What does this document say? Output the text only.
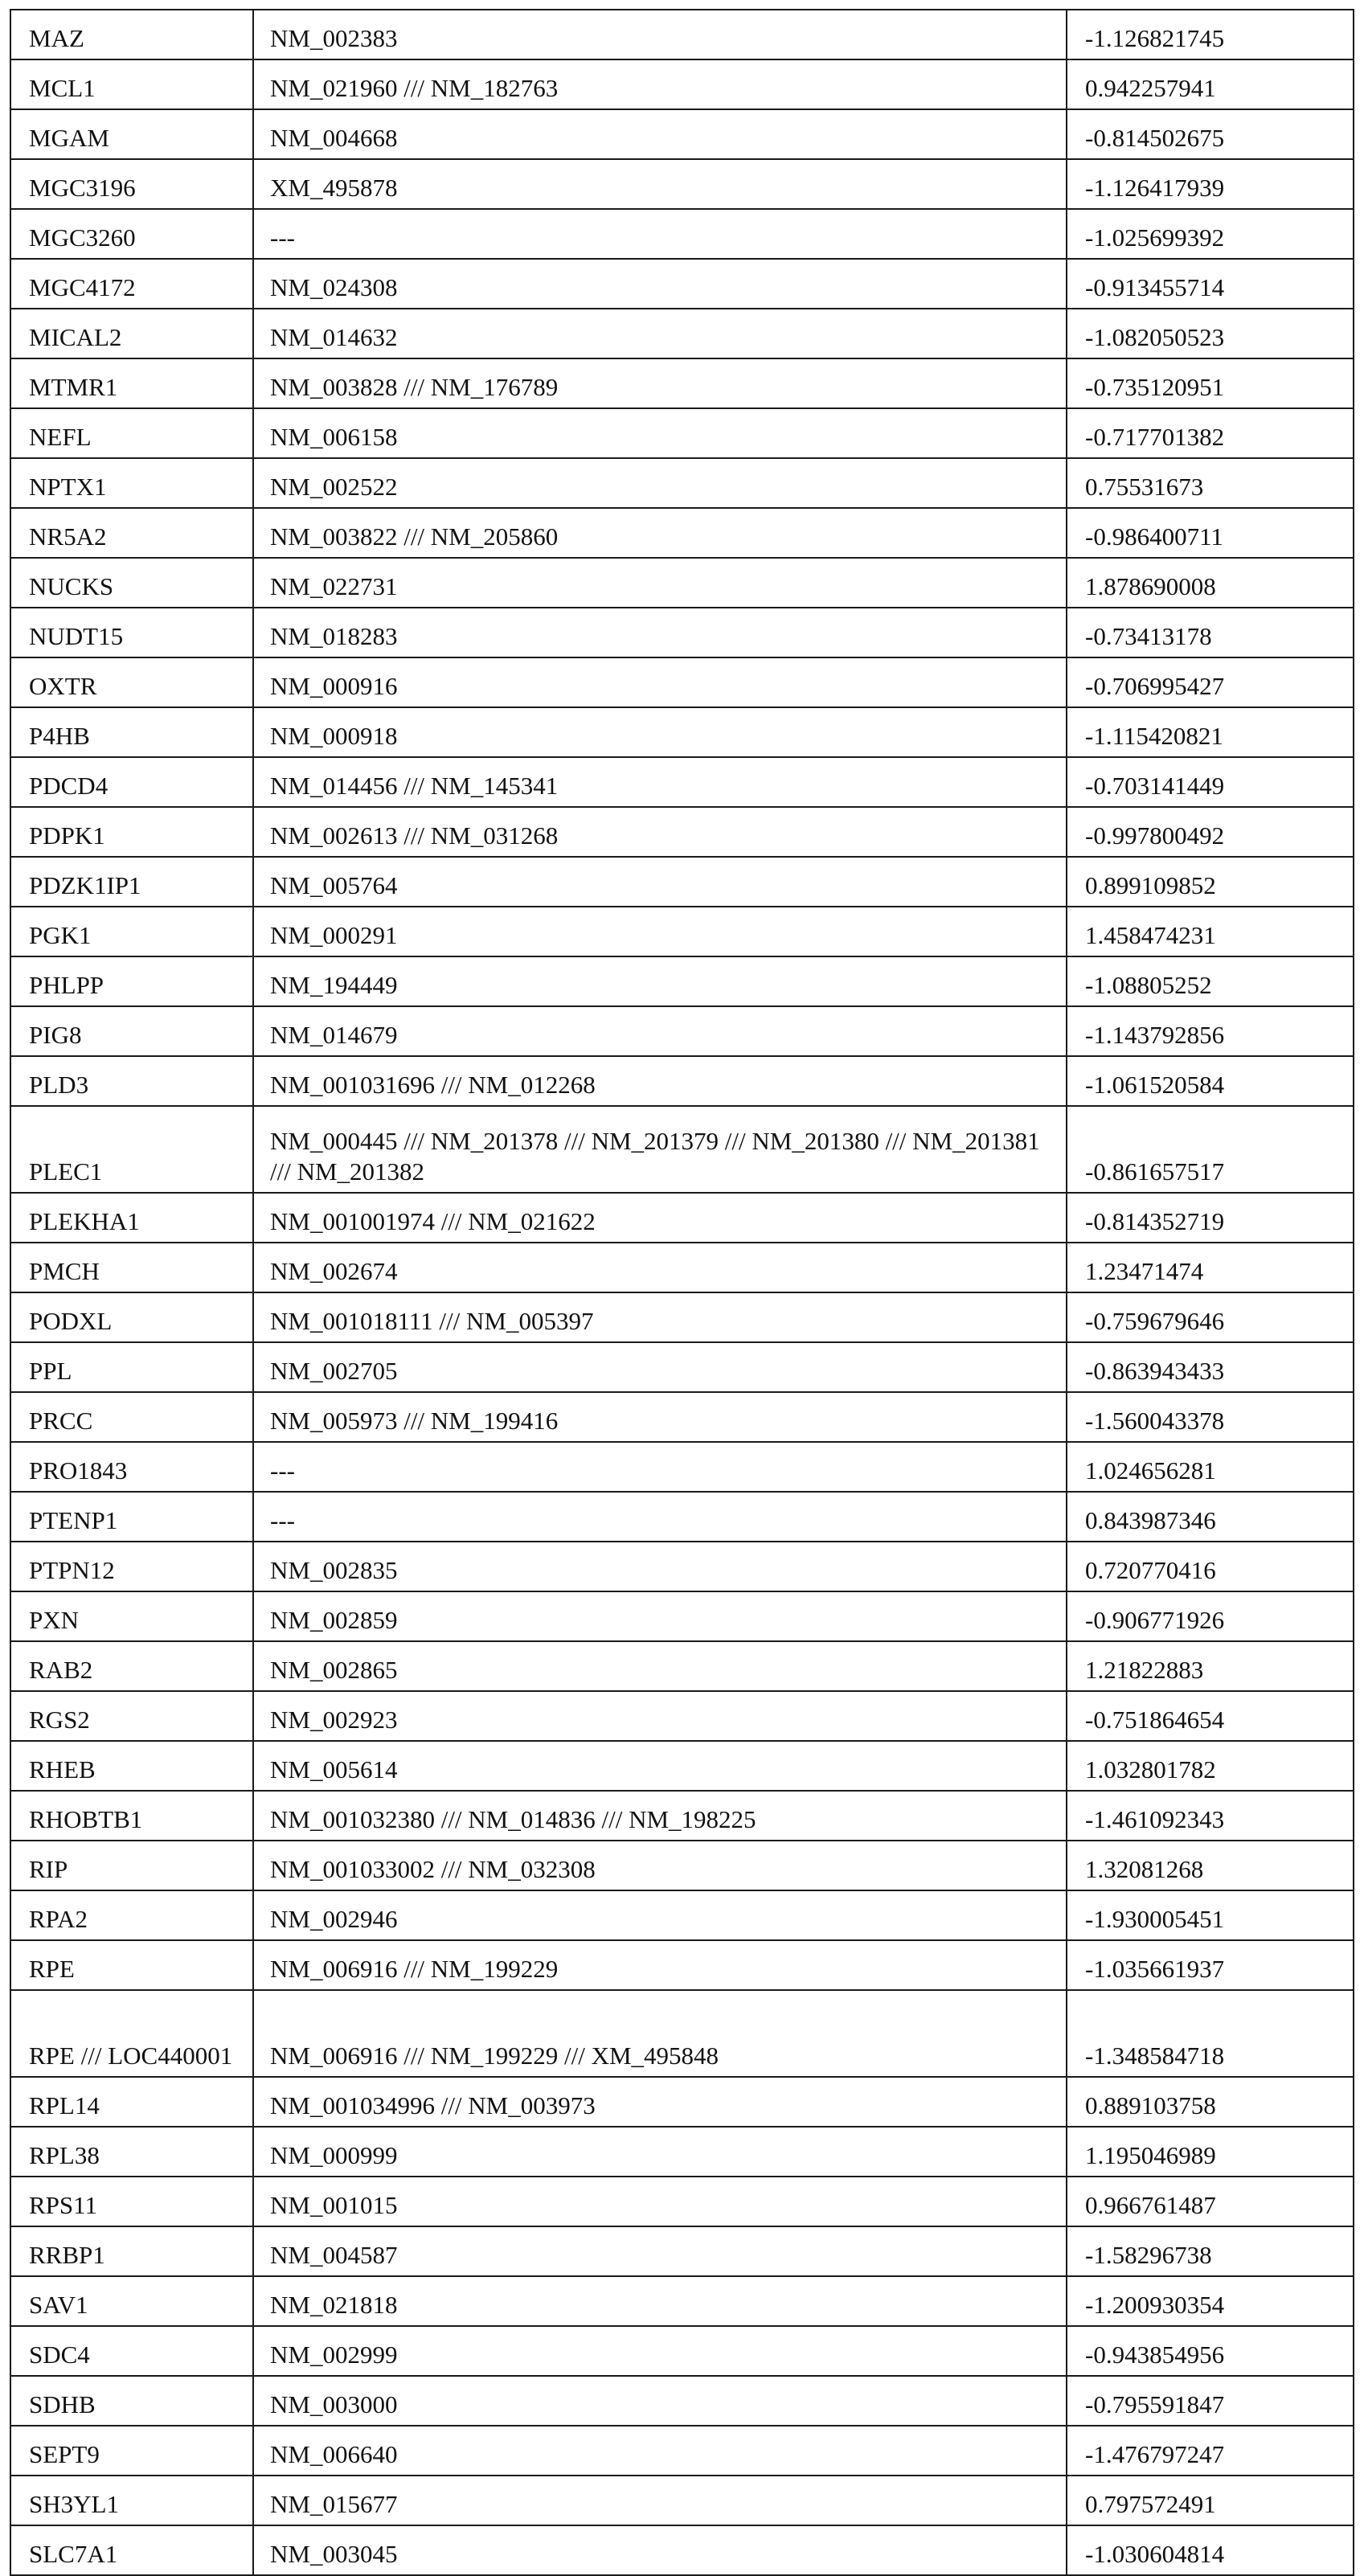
MAZ	NM_002383	-1.126821745
MCL1	NM_021960 /// NM_182763	0.942257941
MGAM	NM_004668	-0.814502675
MGC3196	XM_495878	-1.126417939
MGC3260	---	-1.025699392
MGC4172	NM_024308	-0.913455714
MICAL2	NM_014632	-1.082050523
MTMR1	NM_003828 /// NM_176789	-0.735120951
NEFL	NM_006158	-0.717701382
NPTX1	NM_002522	0.75531673
NR5A2	NM_003822 /// NM_205860	-0.986400711
NUCKS	NM_022731	1.878690008
NUDT15	NM_018283	-0.73413178
OXTR	NM_000916	-0.706995427
P4HB	NM_000918	-1.115420821
PDCD4	NM_014456 /// NM_145341	-0.703141449
PDPK1	NM_002613 /// NM_031268	-0.997800492
PDZK1IP1	NM_005764	0.899109852
PGK1	NM_000291	1.458474231
PHLPP	NM_194449	-1.08805252
PIG8	NM_014679	-1.143792856
PLD3	NM_001031696 /// NM_012268	-1.061520584
PLEC1	NM_000445 /// NM_201378 /// NM_201379 /// NM_201380 /// NM_201381 /// NM_201382	-0.861657517
PLEKHA1	NM_001001974 /// NM_021622	-0.814352719
PMCH	NM_002674	1.23471474
PODXL	NM_001018111 /// NM_005397	-0.759679646
PPL	NM_002705	-0.863943433
PRCC	NM_005973 /// NM_199416	-1.560043378
PRO1843	---	1.024656281
PTENP1	---	0.843987346
PTPN12	NM_002835	0.720770416
PXN	NM_002859	-0.906771926
RAB2	NM_002865	1.21822883
RGS2	NM_002923	-0.751864654
RHEB	NM_005614	1.032801782
RHOBTB1	NM_001032380 /// NM_014836 /// NM_198225	-1.461092343
RIP	NM_001033002 /// NM_032308	1.32081268
RPA2	NM_002946	-1.930005451
RPE	NM_006916 /// NM_199229	-1.035661937
RPE /// LOC440001	NM_006916 /// NM_199229 /// XM_495848	-1.348584718
RPL14	NM_001034996 /// NM_003973	0.889103758
RPL38	NM_000999	1.195046989
RPS11	NM_001015	0.966761487
RRBP1	NM_004587	-1.58296738
SAV1	NM_021818	-1.200930354
SDC4	NM_002999	-0.943854956
SDHB	NM_003000	-0.795591847
SEPT9	NM_006640	-1.476797247
SH3YL1	NM_015677	0.797572491
SLC7A1	NM_003045	-1.030604814
